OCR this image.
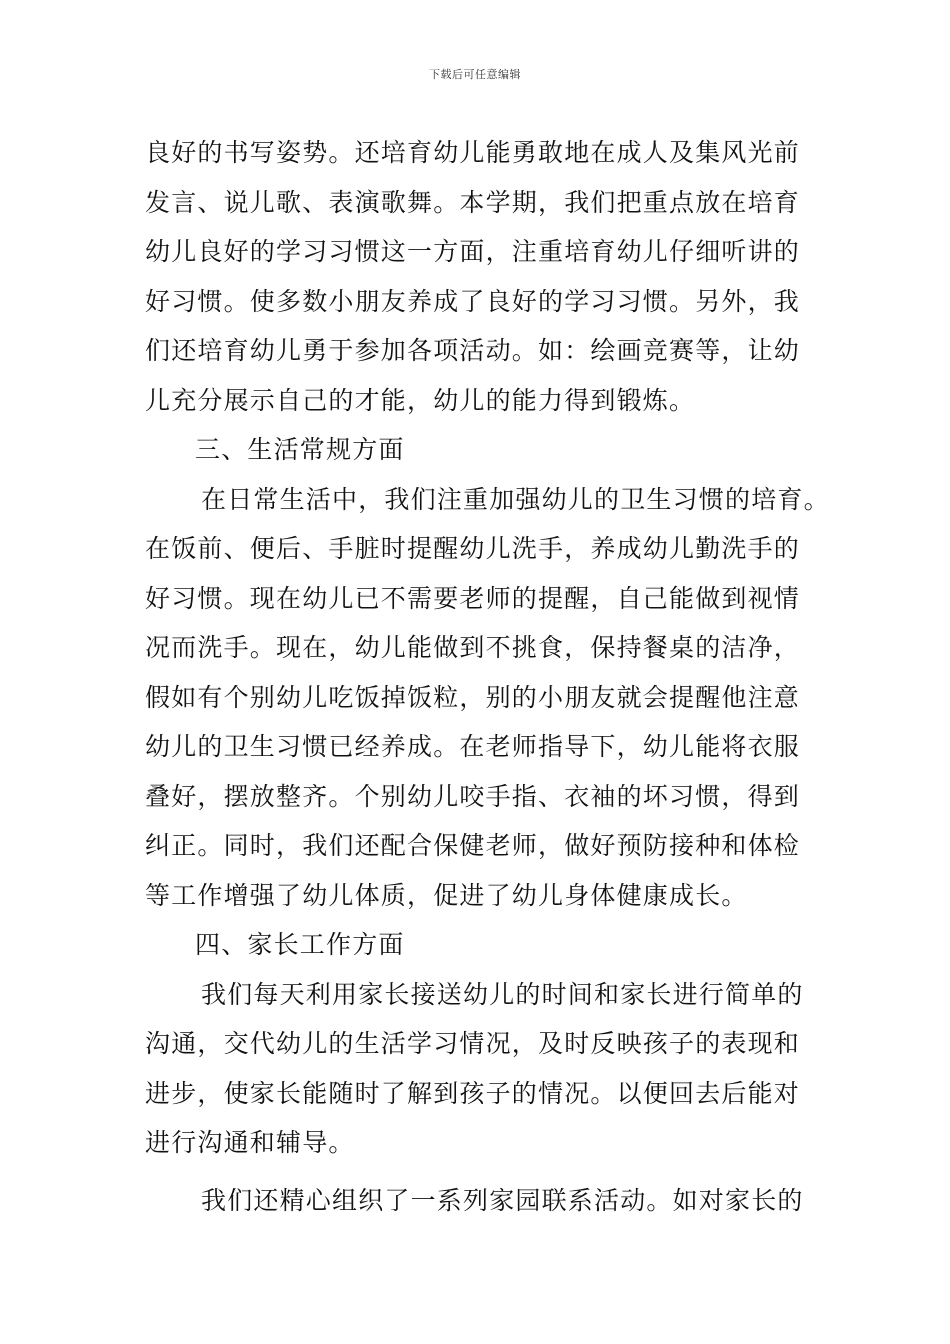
下载后可任意编辑
良好的书写姿势。还培育幼儿能勇敢地在成人及集风光前
发言、说儿歌、表演歌舞。本学期，我们把重点放在培育
幼儿良好的学习习惯这一方面，注重培育幼儿仔细听讲的
好习惯。使多数小朋友养成了良好的学习习惯。另外，我
们还培育幼儿勇于参加各项活动。如：绘画竞赛等，让幼
儿充分展示自己的才能，幼儿的能力得到锻炼。
三、生活常规方面
在日常生活中，我们注重加强幼儿的卫生习惯的培育。
在饭前、便后、手脏时提醒幼儿洗手，养成幼儿勤洗手的
好习惯。现在幼儿已不需要老师的提醒，自己能做到视情
况而洗手。现在，幼儿能做到不挑食，保持餐桌的洁净，
假如有个别幼儿吃饭掉饭粒，别的小朋友就会提醒他注意
幼儿的卫生习惯已经养成。在老师指导下，幼儿能将衣服
叠好，摆放整齐。个别幼儿咬手指、衣袖的坏习惯，得到
纠正。同时，我们还配合保健老师，做好预防接种和体检
等工作增强了幼儿体质，促进了幼儿身体健康成长。
四、家长工作方面
我们每天利用家长接送幼儿的时间和家长进行简单的
沟通，交代幼儿的生活学习情况，及时反映孩子的表现和
进步，使家长能随时了解到孩子的情况。以便回去后能对
进行沟通和辅导。
我们还精心组织了一系列家园联系活动。如对家长的
